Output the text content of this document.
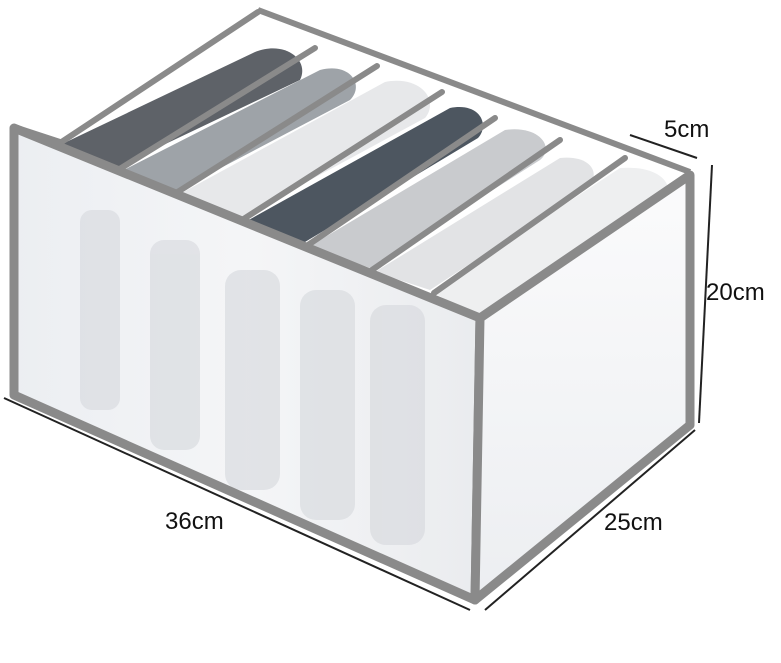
36cm
20cm
25cm
5cm
